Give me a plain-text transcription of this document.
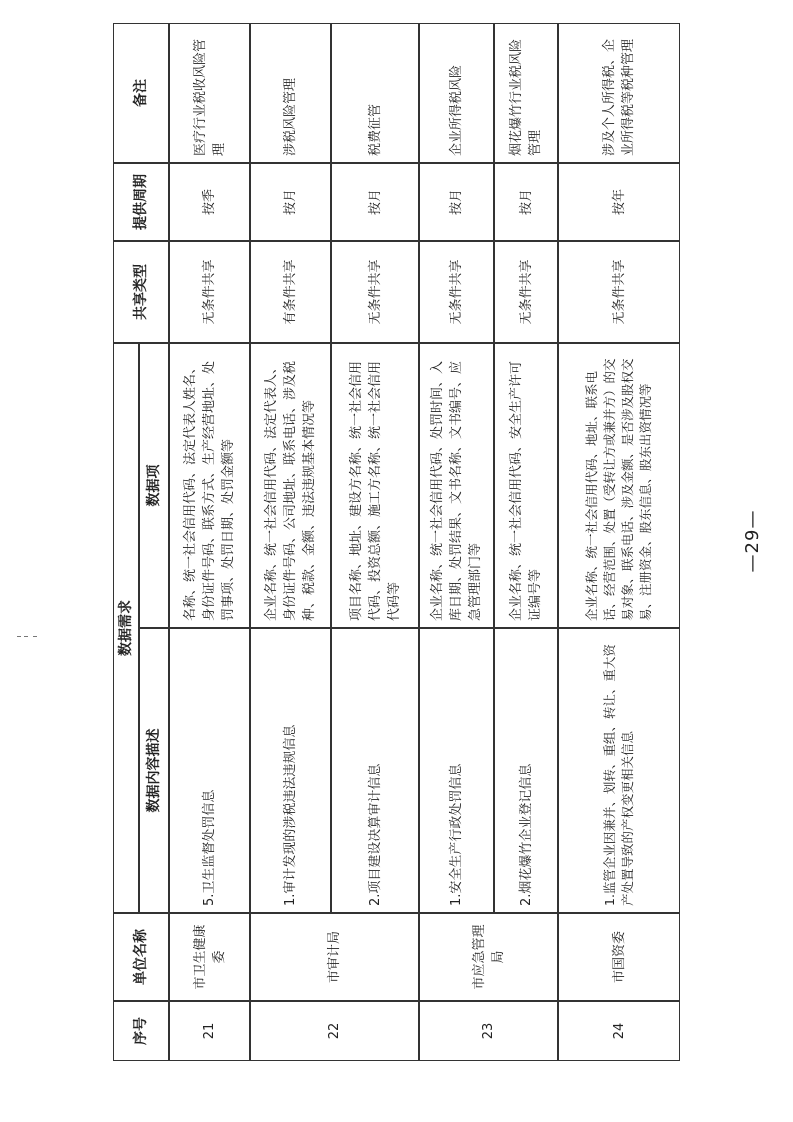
序号
单位名称
数据需求
数据内容描述
数据项
共享类型
提供周期
备注
21
市卫生健康委
5.卫生监督处罚信息
名称、统一社会信用代码、法定代表人姓名、身份证件号码、联系方式、生产经营地址、处罚事项、处罚日期、处罚金额等
无条件共享
按季
医疗行业税收风险管理
22
市审计局
1.审计发现的涉税违法违规信息
企业名称、统一社会信用代码、法定代表人、身份证件号码、公司地址、联系电话、涉及税种、税款、金额、违法违规基本情况等
有条件共享
按月
涉税风险管理
2.项目建设决算审计信息
项目名称、地址、建设方名称、统一社会信用代码、投资总额、施工方名称、统一社会信用代码等
无条件共享
按月
税费征管
23
市应急管理局
1.安全生产行政处罚信息
企业名称、统一社会信用代码、处罚时间、入库日期、处罚结果、文书名称、文书编号、应急管理部门等
无条件共享
按月
企业所得税风险
2.烟花爆竹企业登记信息
企业名称、统一社会信用代码、安全生产许可证编号等
无条件共享
按月
烟花爆竹行业税风险管理
24
市国资委
1.监管企业因兼并、划转、重组、转让、重大资产处置导致的产权变更相关信息
企业名称、统一社会信用代码、地址、联系电话、经营范围、处置（受转让方或兼并方）的交易对象、联系电话、涉及金额、是否涉及股权交易、注册资金、股东信息、股东出资情况等
无条件共享
按年
涉及个人所得税、企业所得税等税种管理
—29—
